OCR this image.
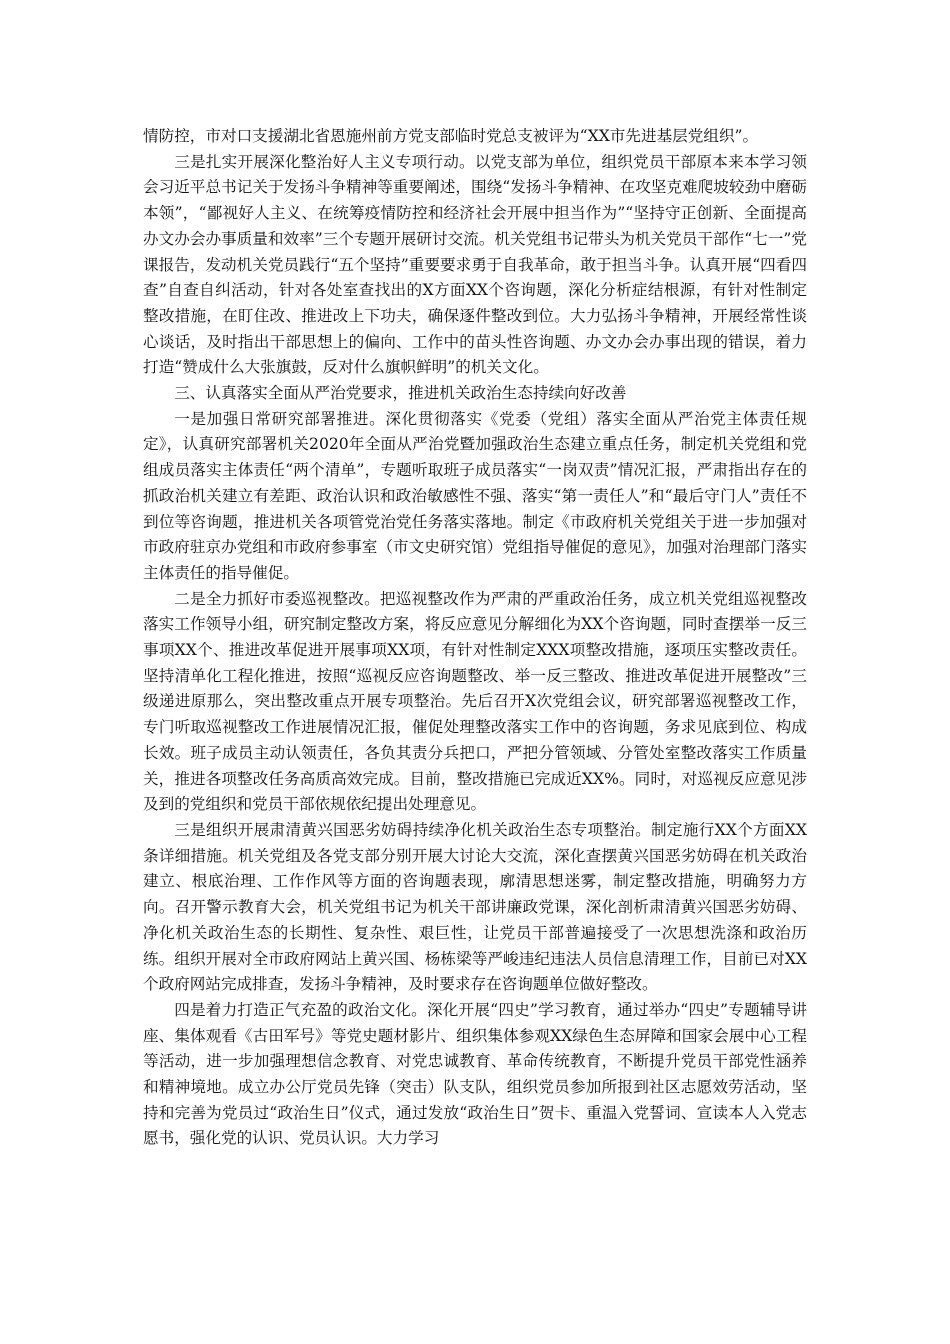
情防控，市对口支援湖北省恩施州前方党支部临时党总支被评为“XX市先进基层党组织”。

三是扎实开展深化整治好人主义专项行动。以党支部为单位，组织党员干部原本来本学习领会习近平总书记关于发扬斗争精神等重要阐述，围绕“发扬斗争精神、在攻坚克难爬坡较劲中磨砺本领”，“鄙视好人主义、在统筹疫情防控和经济社会开展中担当作为”“坚持守正创新、全面提高办文办会办事质量和效率”三个专题开展研讨交流。机关党组书记带头为机关党员干部作“七一”党课报告，发动机关党员践行“五个坚持”重要要求勇于自我革命，敢于担当斗争。认真开展“四看四查”自查自纠活动，针对各处室查找出的X方面XX个咨询题，深化分析症结根源，有针对性制定整改措施，在盯住改、推进改上下功夫，确保逐件整改到位。大力弘扬斗争精神，开展经常性谈心谈话，及时指出干部思想上的偏向、工作中的苗头性咨询题、办文办会办事出现的错误，着力打造“赞成什么大张旗鼓，反对什么旗帜鲜明”的机关文化。

三、认真落实全面从严治党要求，推进机关政治生态持续向好改善

一是加强日常研究部署推进。深化贯彻落实《党委（党组）落实全面从严治党主体责任规定》，认真研究部署机关2020年全面从严治党暨加强政治生态建立重点任务，制定机关党组和党组成员落实主体责任“两个清单”，专题听取班子成员落实“一岗双责”情况汇报，严肃指出存在的抓政治机关建立有差距、政治认识和政治敏感性不强、落实“第一责任人”和“最后守门人”责任不到位等咨询题，推进机关各项管党治党任务落实落地。制定《市政府机关党组关于进一步加强对市政府驻京办党组和市政府参事室（市文史研究馆）党组指导催促的意见》，加强对治理部门落实主体责任的指导催促。

二是全力抓好市委巡视整改。把巡视整改作为严肃的严重政治任务，成立机关党组巡视整改落实工作领导小组，研究制定整改方案，将反应意见分解细化为XX个咨询题，同时查摆举一反三事项XX个、推进改革促进开展事项XX项，有针对性制定XXX项整改措施，逐项压实整改责任。坚持清单化工程化推进，按照“巡视反应咨询题整改、举一反三整改、推进改革促进开展整改”三级递进原那么，突出整改重点开展专项整治。先后召开X次党组会议，研究部署巡视整改工作，专门听取巡视整改工作进展情况汇报，催促处理整改落实工作中的咨询题，务求见底到位、构成长效。班子成员主动认领责任，各负其责分兵把口，严把分管领域、分管处室整改落实工作质量关，推进各项整改任务高质高效完成。目前，整改措施已完成近XX%。同时，对巡视反应意见涉及到的党组织和党员干部依规依纪提出处理意见。

三是组织开展肃清黄兴国恶劣妨碍持续净化机关政治生态专项整治。制定施行XX个方面XX条详细措施。机关党组及各党支部分别开展大讨论大交流，深化查摆黄兴国恶劣妨碍在机关政治建立、根底治理、工作作风等方面的咨询题表现，廓清思想迷雾，制定整改措施，明确努力方向。召开警示教育大会，机关党组书记为机关干部讲廉政党课，深化剖析肃清黄兴国恶劣妨碍、净化机关政治生态的长期性、复杂性、艰巨性，让党员干部普遍接受了一次思想洗涤和政治历练。组织开展对全市政府网站上黄兴国、杨栋梁等严峻违纪违法人员信息清理工作，目前已对XX个政府网站完成排查，发扬斗争精神，及时要求存在咨询题单位做好整改。

四是着力打造正气充盈的政治文化。深化开展“四史”学习教育，通过举办“四史”专题辅导讲座、集体观看《古田军号》等党史题材影片、组织集体参观XX绿色生态屏障和国家会展中心工程等活动，进一步加强理想信念教育、对党忠诚教育、革命传统教育，不断提升党员干部党性涵养和精神境地。成立办公厅党员先锋（突击）队支队，组织党员参加所报到社区志愿效劳活动，坚持和完善为党员过“政治生日”仪式，通过发放“政治生日”贺卡、重温入党誓词、宣读本人入党志愿书，强化党的认识、党员认识。大力学习
